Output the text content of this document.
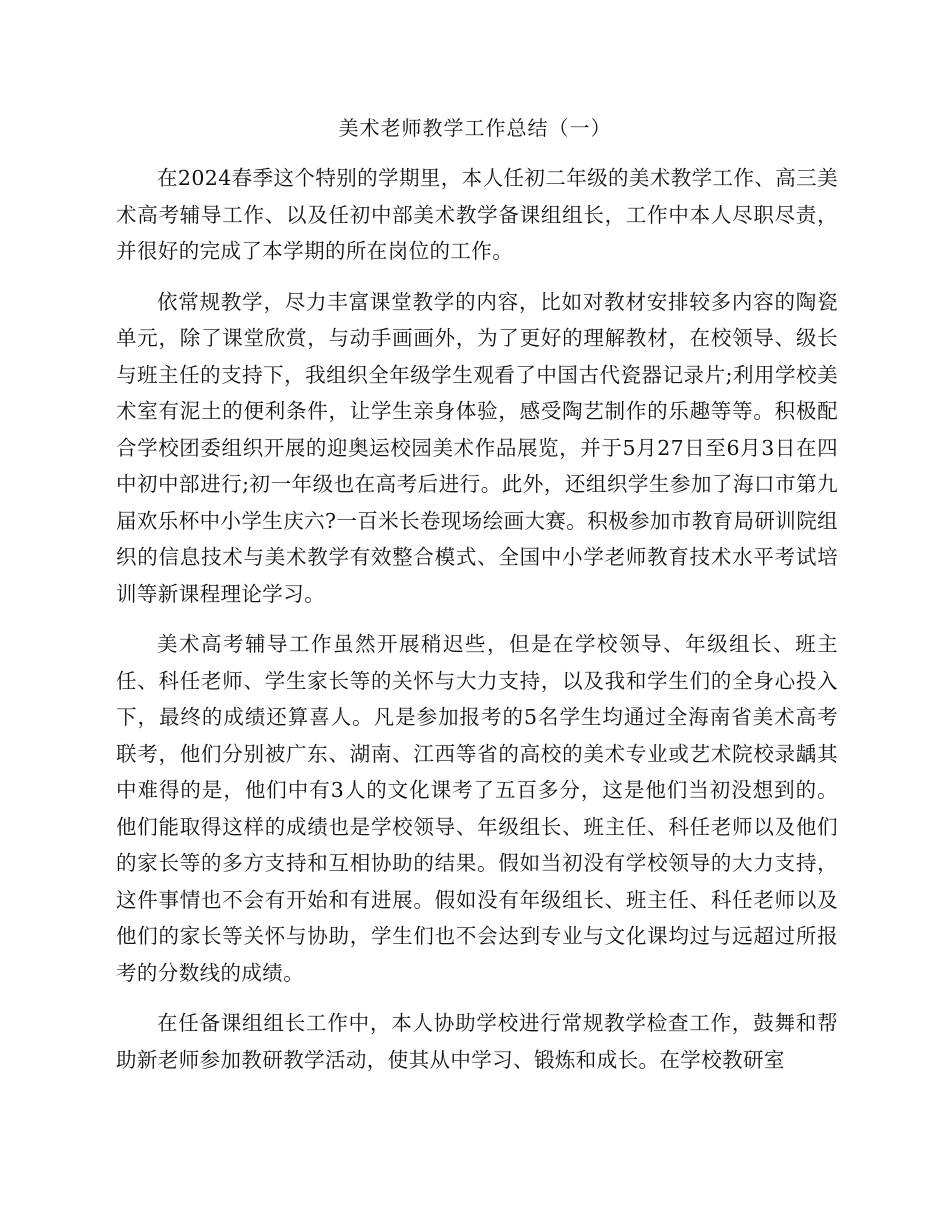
美术老师教学工作总结（一）

在2024春季这个特别的学期里，本人任初二年级的美术教学工作、高三美术高考辅导工作、以及任初中部美术教学备课组组长，工作中本人尽职尽责，并很好的完成了本学期的所在岗位的工作。

依常规教学，尽力丰富课堂教学的内容，比如对教材安排较多内容的陶瓷单元，除了课堂欣赏，与动手画画外，为了更好的理解教材，在校领导、级长与班主任的支持下，我组织全年级学生观看了中国古代瓷器记录片;利用学校美术室有泥土的便利条件，让学生亲身体验，感受陶艺制作的乐趣等等。积极配合学校团委组织开展的迎奥运校园美术作品展览，并于5月27日至6月3日在四中初中部进行;初一年级也在高考后进行。此外，还组织学生参加了海口市第九届欢乐杯中小学生庆六?一百米长卷现场绘画大赛。积极参加市教育局研训院组织的信息技术与美术教学有效整合模式、全国中小学老师教育技术水平考试培训等新课程理论学习。

美术高考辅导工作虽然开展稍迟些，但是在学校领导、年级组长、班主任、科任老师、学生家长等的关怀与大力支持，以及我和学生们的全身心投入下，最终的成绩还算喜人。凡是参加报考的5名学生均通过全海南省美术高考联考，他们分别被广东、湖南、江西等省的高校的美术专业或艺术院校录龋其中难得的是，他们中有3人的文化课考了五百多分，这是他们当初没想到的。他们能取得这样的成绩也是学校领导、年级组长、班主任、科任老师以及他们的家长等的多方支持和互相协助的结果。假如当初没有学校领导的大力支持，这件事情也不会有开始和有进展。假如没有年级组长、班主任、科任老师以及他们的家长等关怀与协助，学生们也不会达到专业与文化课均过与远超过所报考的分数线的成绩。

在任备课组组长工作中，本人协助学校进行常规教学检查工作，鼓舞和帮助新老师参加教研教学活动，使其从中学习、锻炼和成长。在学校教研室
